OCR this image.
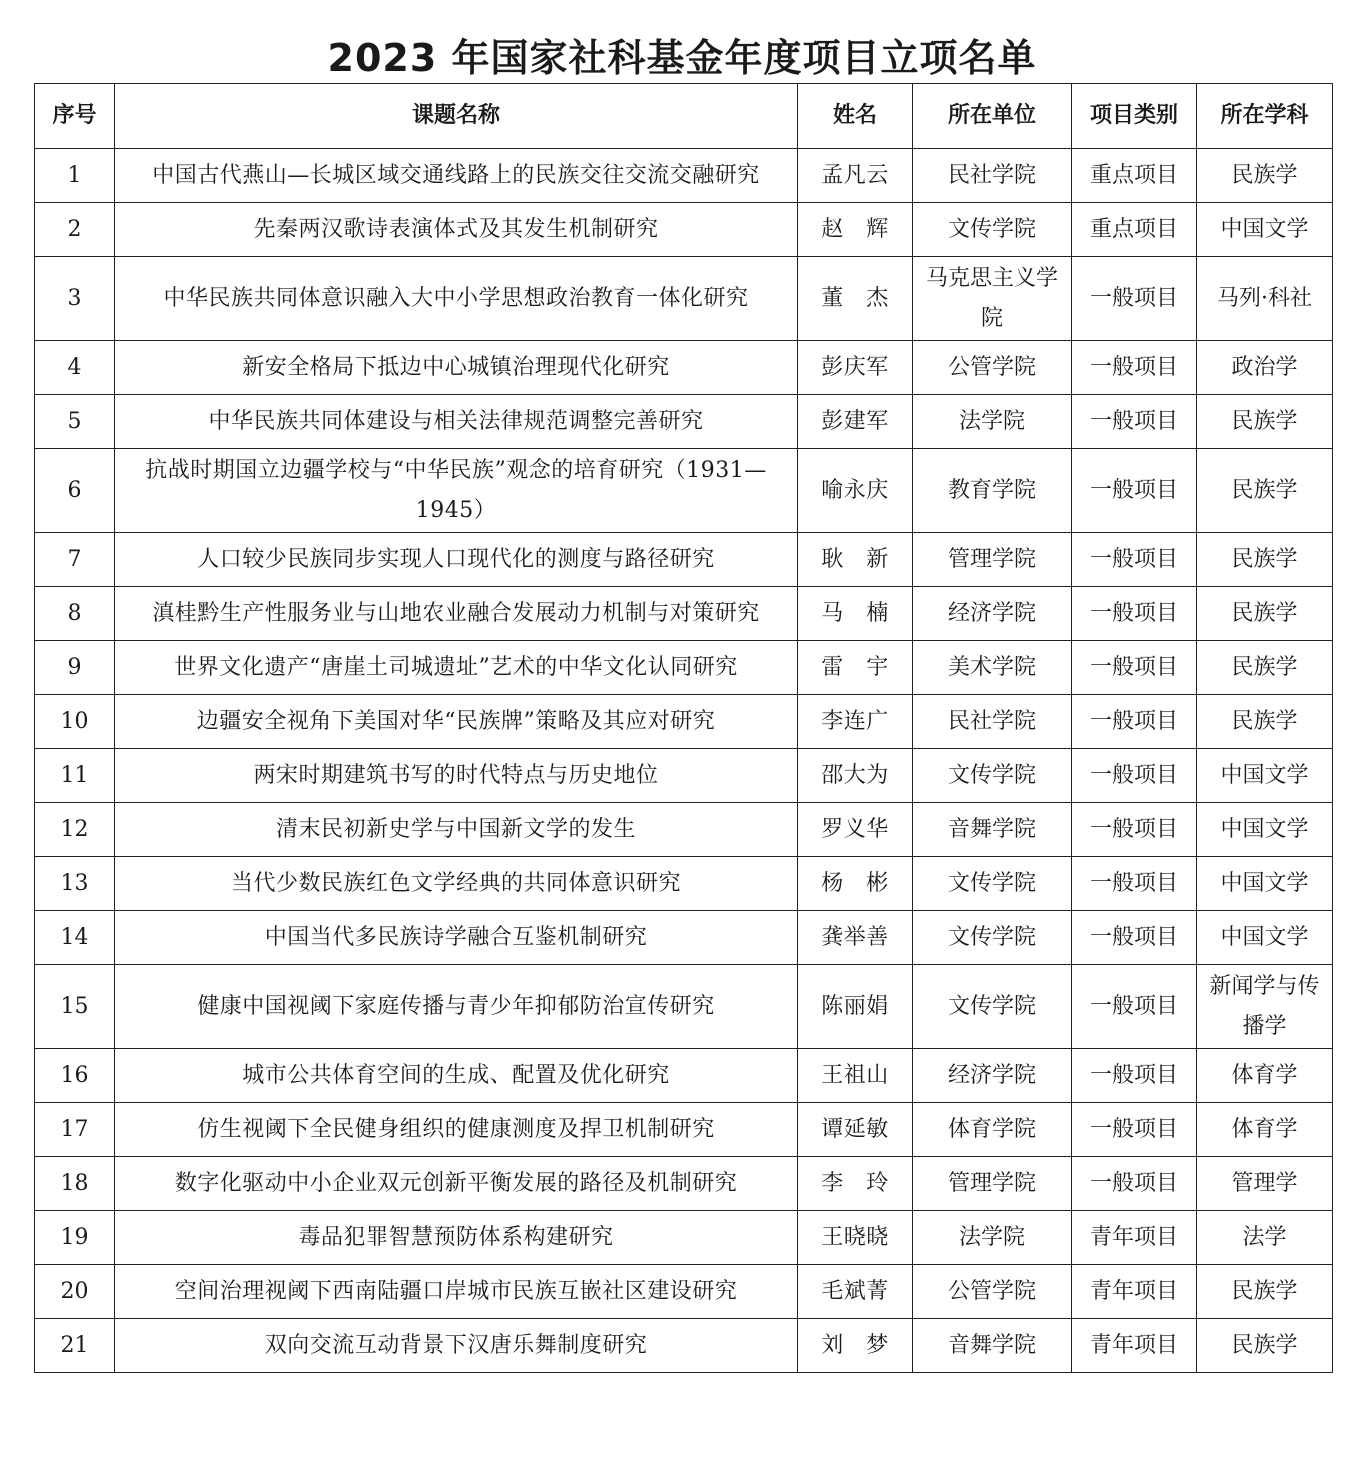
2023 年国家社科基金年度项目立项名单
序号	课题名称	姓名	所在单位	项目类别	所在学科
1	中国古代燕山—长城区域交通线路上的民族交往交流交融研究	孟凡云	民社学院	重点项目	民族学
2	先秦两汉歌诗表演体式及其发生机制研究	赵　辉	文传学院	重点项目	中国文学
3	中华民族共同体意识融入大中小学思想政治教育一体化研究	董　杰	马克思主义学院	一般项目	马列·科社
4	新安全格局下抵边中心城镇治理现代化研究	彭庆军	公管学院	一般项目	政治学
5	中华民族共同体建设与相关法律规范调整完善研究	彭建军	法学院	一般项目	民族学
6	抗战时期国立边疆学校与“中华民族”观念的培育研究（1931—1945）	喻永庆	教育学院	一般项目	民族学
7	人口较少民族同步实现人口现代化的测度与路径研究	耿　新	管理学院	一般项目	民族学
8	滇桂黔生产性服务业与山地农业融合发展动力机制与对策研究	马　楠	经济学院	一般项目	民族学
9	世界文化遗产“唐崖土司城遗址”艺术的中华文化认同研究	雷　宇	美术学院	一般项目	民族学
10	边疆安全视角下美国对华“民族牌”策略及其应对研究	李连广	民社学院	一般项目	民族学
11	两宋时期建筑书写的时代特点与历史地位	邵大为	文传学院	一般项目	中国文学
12	清末民初新史学与中国新文学的发生	罗义华	音舞学院	一般项目	中国文学
13	当代少数民族红色文学经典的共同体意识研究	杨　彬	文传学院	一般项目	中国文学
14	中国当代多民族诗学融合互鉴机制研究	龚举善	文传学院	一般项目	中国文学
15	健康中国视阈下家庭传播与青少年抑郁防治宣传研究	陈丽娟	文传学院	一般项目	新闻学与传播学
16	城市公共体育空间的生成、配置及优化研究	王祖山	经济学院	一般项目	体育学
17	仿生视阈下全民健身组织的健康测度及捍卫机制研究	谭延敏	体育学院	一般项目	体育学
18	数字化驱动中小企业双元创新平衡发展的路径及机制研究	李　玲	管理学院	一般项目	管理学
19	毒品犯罪智慧预防体系构建研究	王晓晓	法学院	青年项目	法学
20	空间治理视阈下西南陆疆口岸城市民族互嵌社区建设研究	毛斌菁	公管学院	青年项目	民族学
21	双向交流互动背景下汉唐乐舞制度研究	刘　梦	音舞学院	青年项目	民族学
